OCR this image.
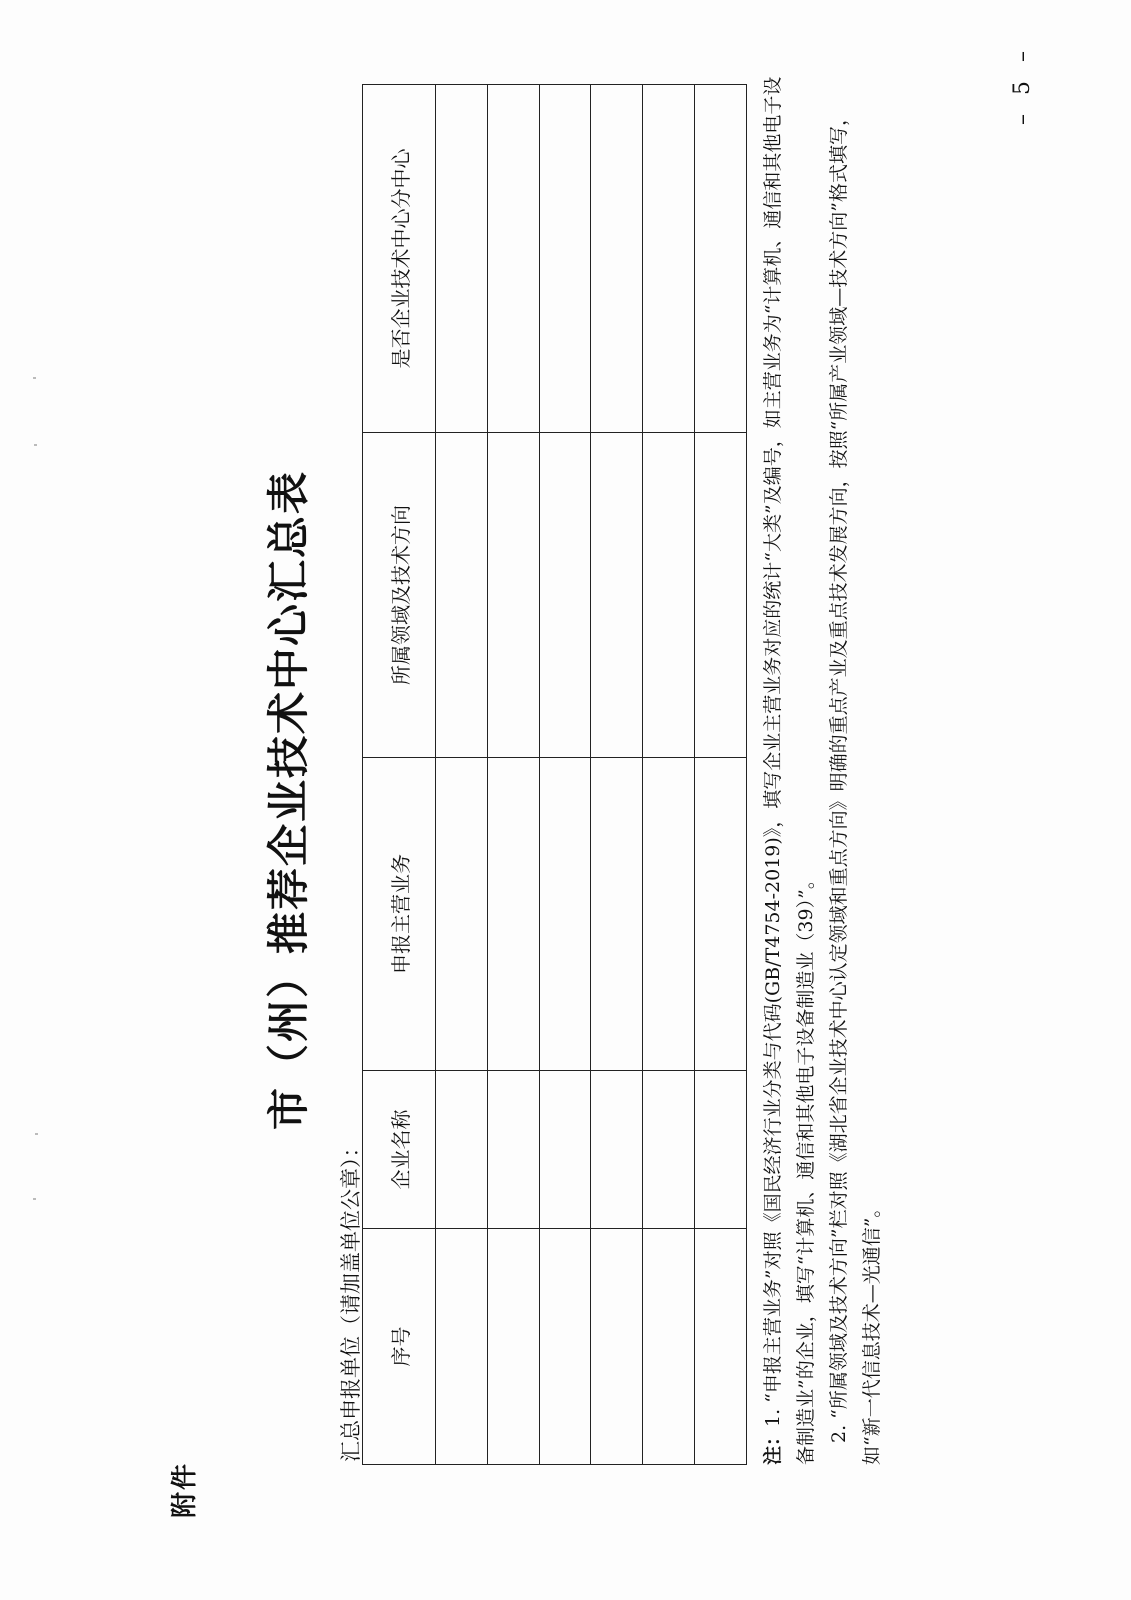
附件
市（州）推荐企业技术中心汇总表
汇总申报单位（请加盖单位公章）： 序号	企业名称	申报主营业务	所属领域及技术方向	是否企业技术中心分中心

注：1. “申报主营业务”对照《国民经济行业分类与代码(GB/T4754-2019)》，填写企业主营业务对应的统计“大类”及编号，如主营业务为“计算机、通信和其他电子设备制造业”的企业，填写“计算机、通信和其他电子设备制造业（39）”。 2. “所属领域及技术方向”栏对照《湖北省企业技术中心认定领域和重点方向》明确的重点产业及重点技术发展方向，按照“所属产业领域—技术方向”格式填写，如“新一代信息技术—光通信”。

– 5 –
